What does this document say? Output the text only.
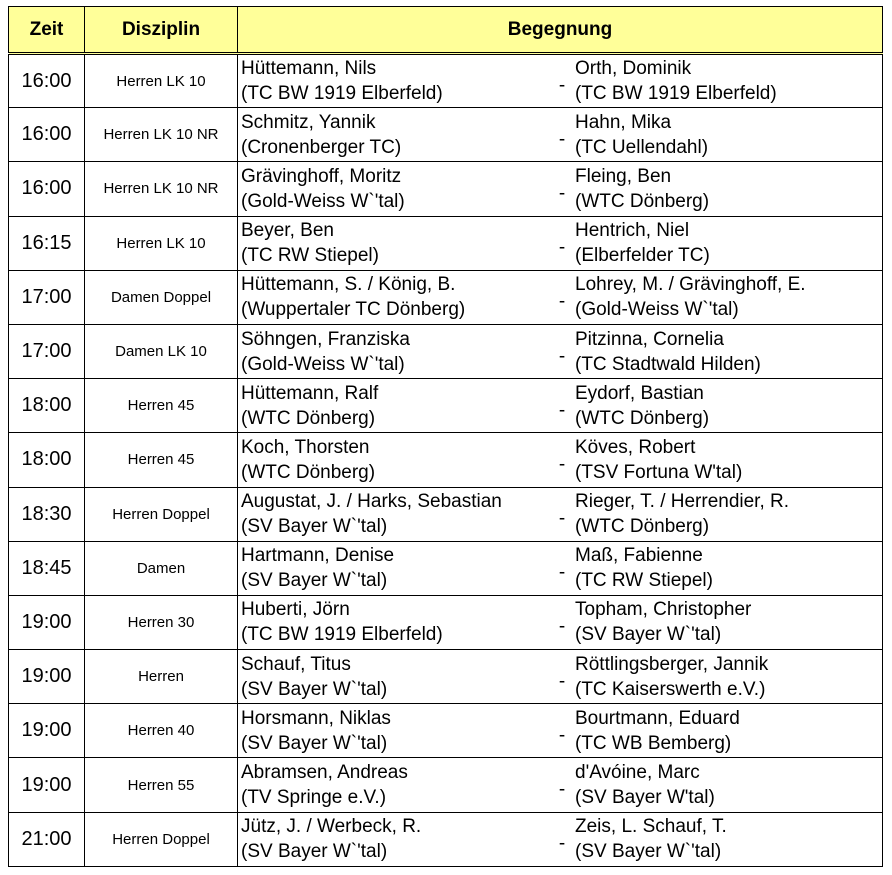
Zeit	Disziplin	Begegnung
16:00	Herren LK 10	Hüttemann, Nils
(TC BW 1919 Elberfeld) -
Orth, Dominik
(TC BW 1919 Elberfeld)

16:00	Herren LK 10 NR	Schmitz, Yannik
(Cronenberger TC) -
Hahn, Mika
(TC Uellendahl)

16:00	Herren LK 10 NR	Grävinghoff, Moritz
(Gold-Weiss W`'tal) -
Fleing, Ben
(WTC Dönberg)

16:15	Herren LK 10	Beyer, Ben
(TC RW Stiepel) -
Hentrich, Niel
(Elberfelder TC)

17:00	Damen Doppel	Hüttemann, S. / König, B.
(Wuppertaler TC Dönberg) -
Lohrey, M. / Grävinghoff, E.
(Gold-Weiss W`'tal)

17:00	Damen LK 10	Söhngen, Franziska
(Gold-Weiss W`'tal) -
Pitzinna, Cornelia
(TC Stadtwald Hilden)

18:00	Herren 45	Hüttemann, Ralf
(WTC Dönberg) -
Eydorf, Bastian
(WTC Dönberg)

18:00	Herren 45	Koch, Thorsten
(WTC Dönberg) -
Köves, Robert
(TSV Fortuna W'tal)

18:30	Herren Doppel	Augustat, J. / Harks, Sebastian
(SV Bayer W`'tal) -
Rieger, T. / Herrendier, R.
(WTC Dönberg)

18:45	Damen	Hartmann, Denise
(SV Bayer W`'tal) -
Maß, Fabienne
(TC RW Stiepel)

19:00	Herren 30	Huberti, Jörn
(TC BW 1919 Elberfeld) -
Topham, Christopher
(SV Bayer W`'tal)

19:00	Herren	Schauf, Titus
(SV Bayer W`'tal) -
Röttlingsberger, Jannik
(TC Kaiserswerth e.V.)

19:00	Herren 40	Horsmann, Niklas
(SV Bayer W`'tal) -
Bourtmann, Eduard
(TC WB Bemberg)

19:00	Herren 55	Abramsen, Andreas
(TV Springe e.V.) -
d'Avóine, Marc
(SV Bayer W'tal)

21:00	Herren Doppel	Jütz, J. / Werbeck, R.
(SV Bayer W`'tal) -
Zeis, L. Schauf, T.
(SV Bayer W`'tal)
